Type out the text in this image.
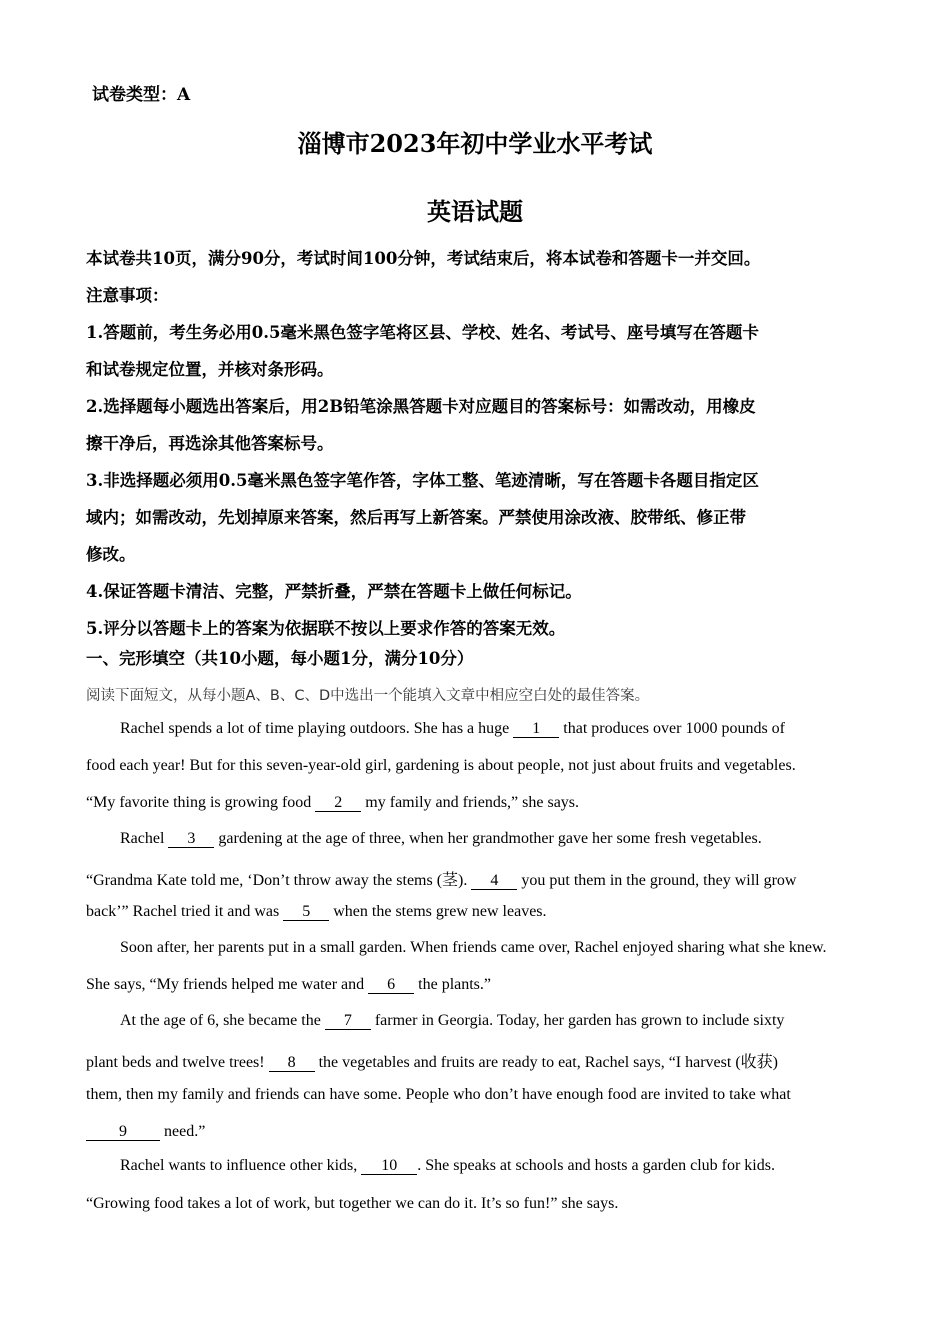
试卷类型：A
淄博市2023年初中学业水平考试
英语试题
本试卷共10页，满分90分，考试时间100分钟，考试结束后，将本试卷和答题卡一并交回。
注意事项：
1.答题前，考生务必用0.5毫米黑色签字笔将区县、学校、姓名、考试号、座号填写在答题卡
和试卷规定位置，并核对条形码。
2.选择题每小题选出答案后，用2B铅笔涂黑答题卡对应题目的答案标号：如需改动，用橡皮
擦干净后，再选涂其他答案标号。
3.非选择题必须用0.5毫米黑色签字笔作答，字体工整、笔迹清晰，写在答题卡各题目指定区
域内；如需改动，先划掉原来答案，然后再写上新答案。严禁使用涂改液、胶带纸、修正带
修改。
4.保证答题卡清洁、完整，严禁折叠，严禁在答题卡上做任何标记。
5.评分以答题卡上的答案为依据联不按以上要求作答的答案无效。
一、完形填空（共10小题，每小题1分，满分10分）
阅读下面短文，从每小题A、B、C、D中选出一个能填入文章中相应空白处的最佳答案。
Rachel spends a lot of time playing outdoors. She has a huge 1 that produces over 1000 pounds of
food each year! But for this seven-year-old girl, gardening is about people, not just about fruits and vegetables.
“My favorite thing is growing food 2 my family and friends,” she says.
Rachel 3 gardening at the age of three, when her grandmother gave her some fresh vegetables.
“Grandma Kate told me, ‘Don’t throw away the stems (茎). 4 you put them in the ground, they will grow
back’” Rachel tried it and was 5 when the stems grew new leaves.
Soon after, her parents put in a small garden. When friends came over, Rachel enjoyed sharing what she knew.
She says, “My friends helped me water and 6 the plants.”
At the age of 6, she became the 7 farmer in Georgia. Today, her garden has grown to include sixty
plant beds and twelve trees! 8 the vegetables and fruits are ready to eat, Rachel says, “I harvest (收获)
them, then my family and friends can have some. People who don’t have enough food are invited to take what
9 need.”
Rachel wants to influence other kids, 10 . She speaks at schools and hosts a garden club for kids.
“Growing food takes a lot of work, but together we can do it. It’s so fun!” she says.
